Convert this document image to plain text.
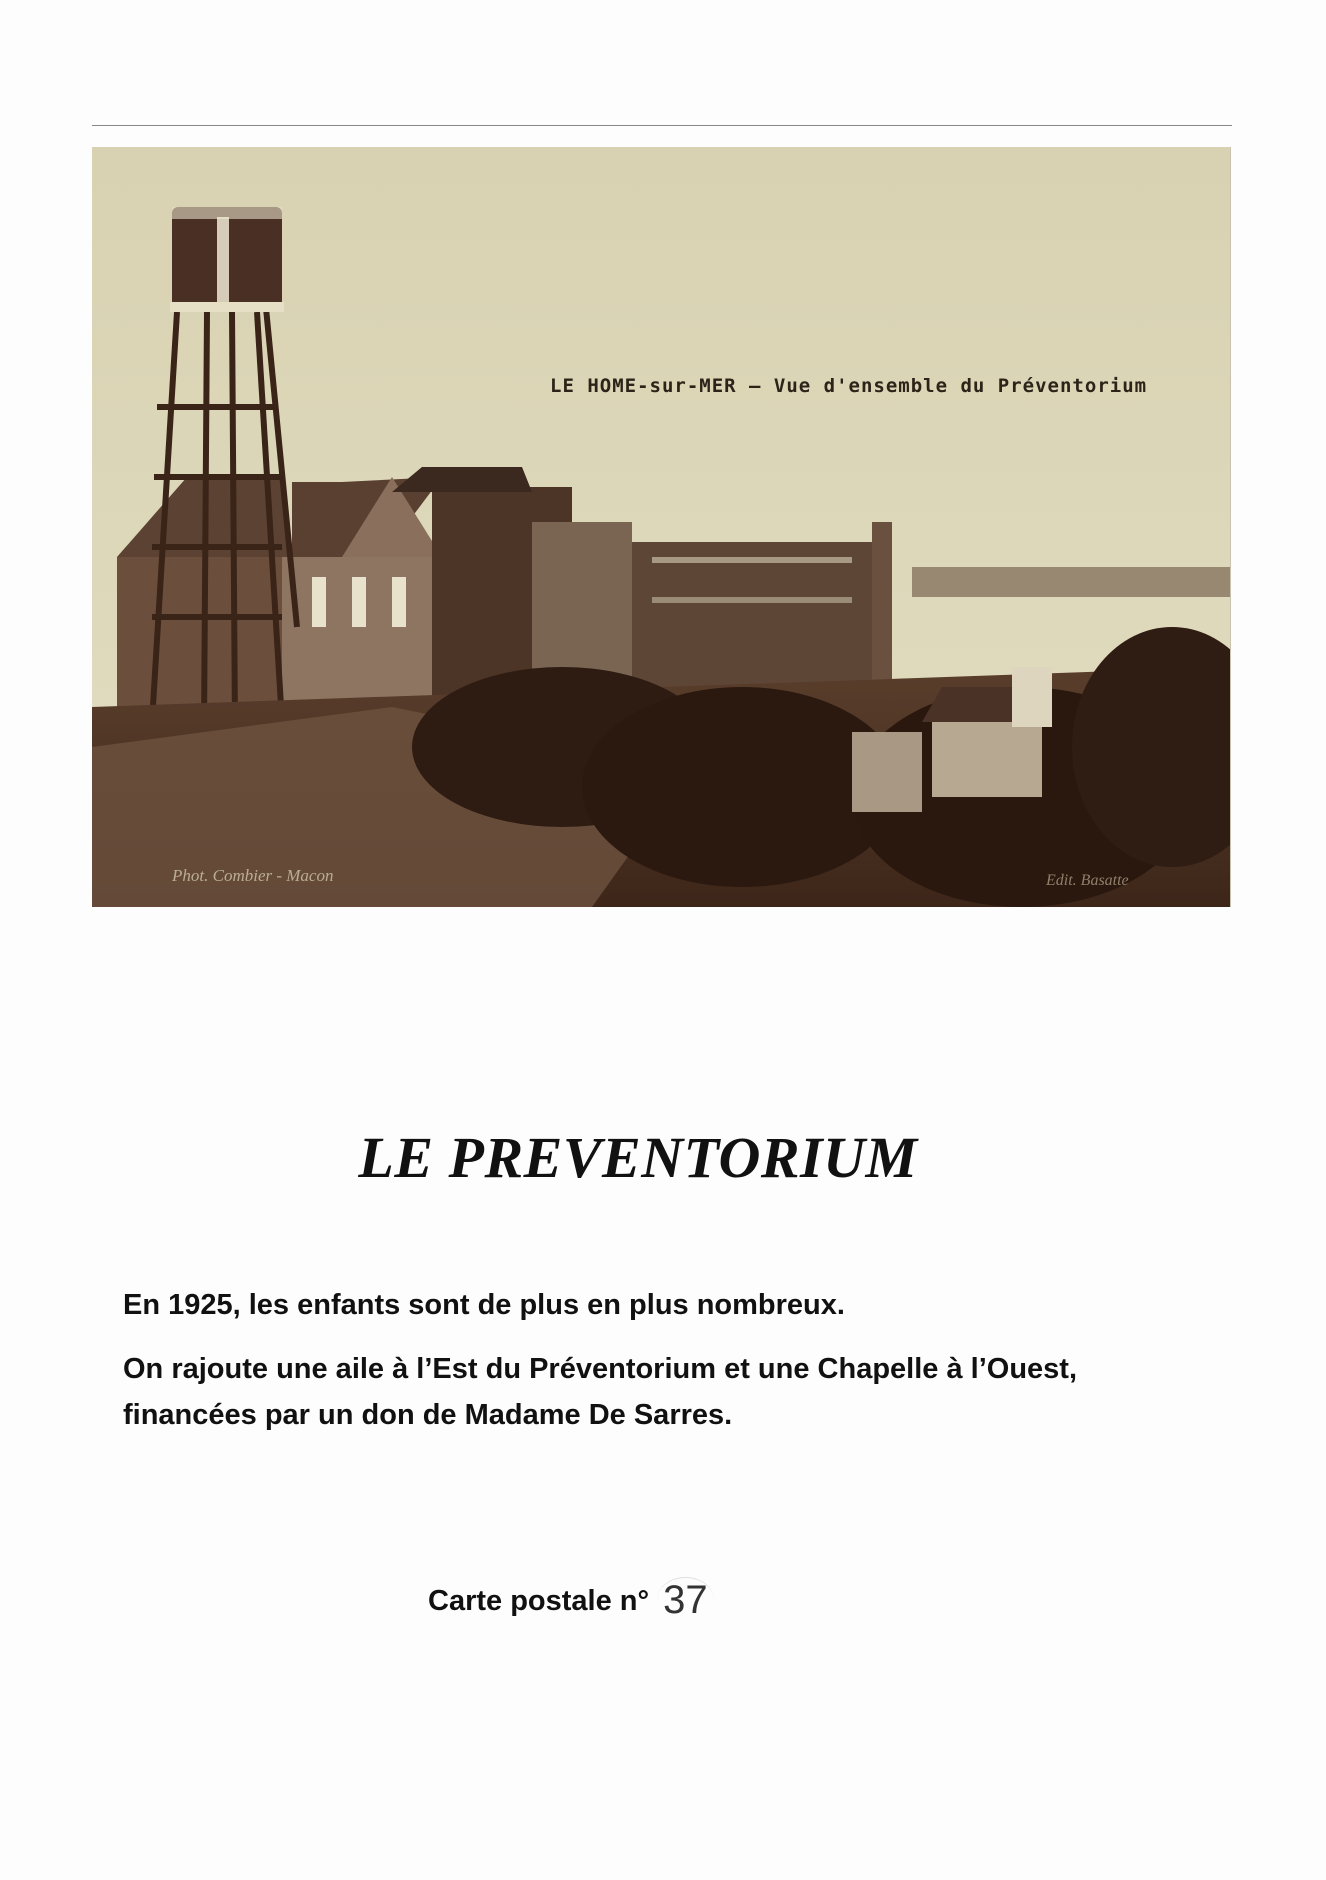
LE HOME-sur-MER — Vue d'ensemble du Préventorium
Phot. Combier - Macon	Edit. Basatte
LE PREVENTORIUM

En 1925, les enfants sont de plus en plus nombreux.

On rajoute une aile à l’Est du Préventorium et une Chapelle à l’Ouest, financées par un don de Madame De Sarres.

Carte postale n° 37
